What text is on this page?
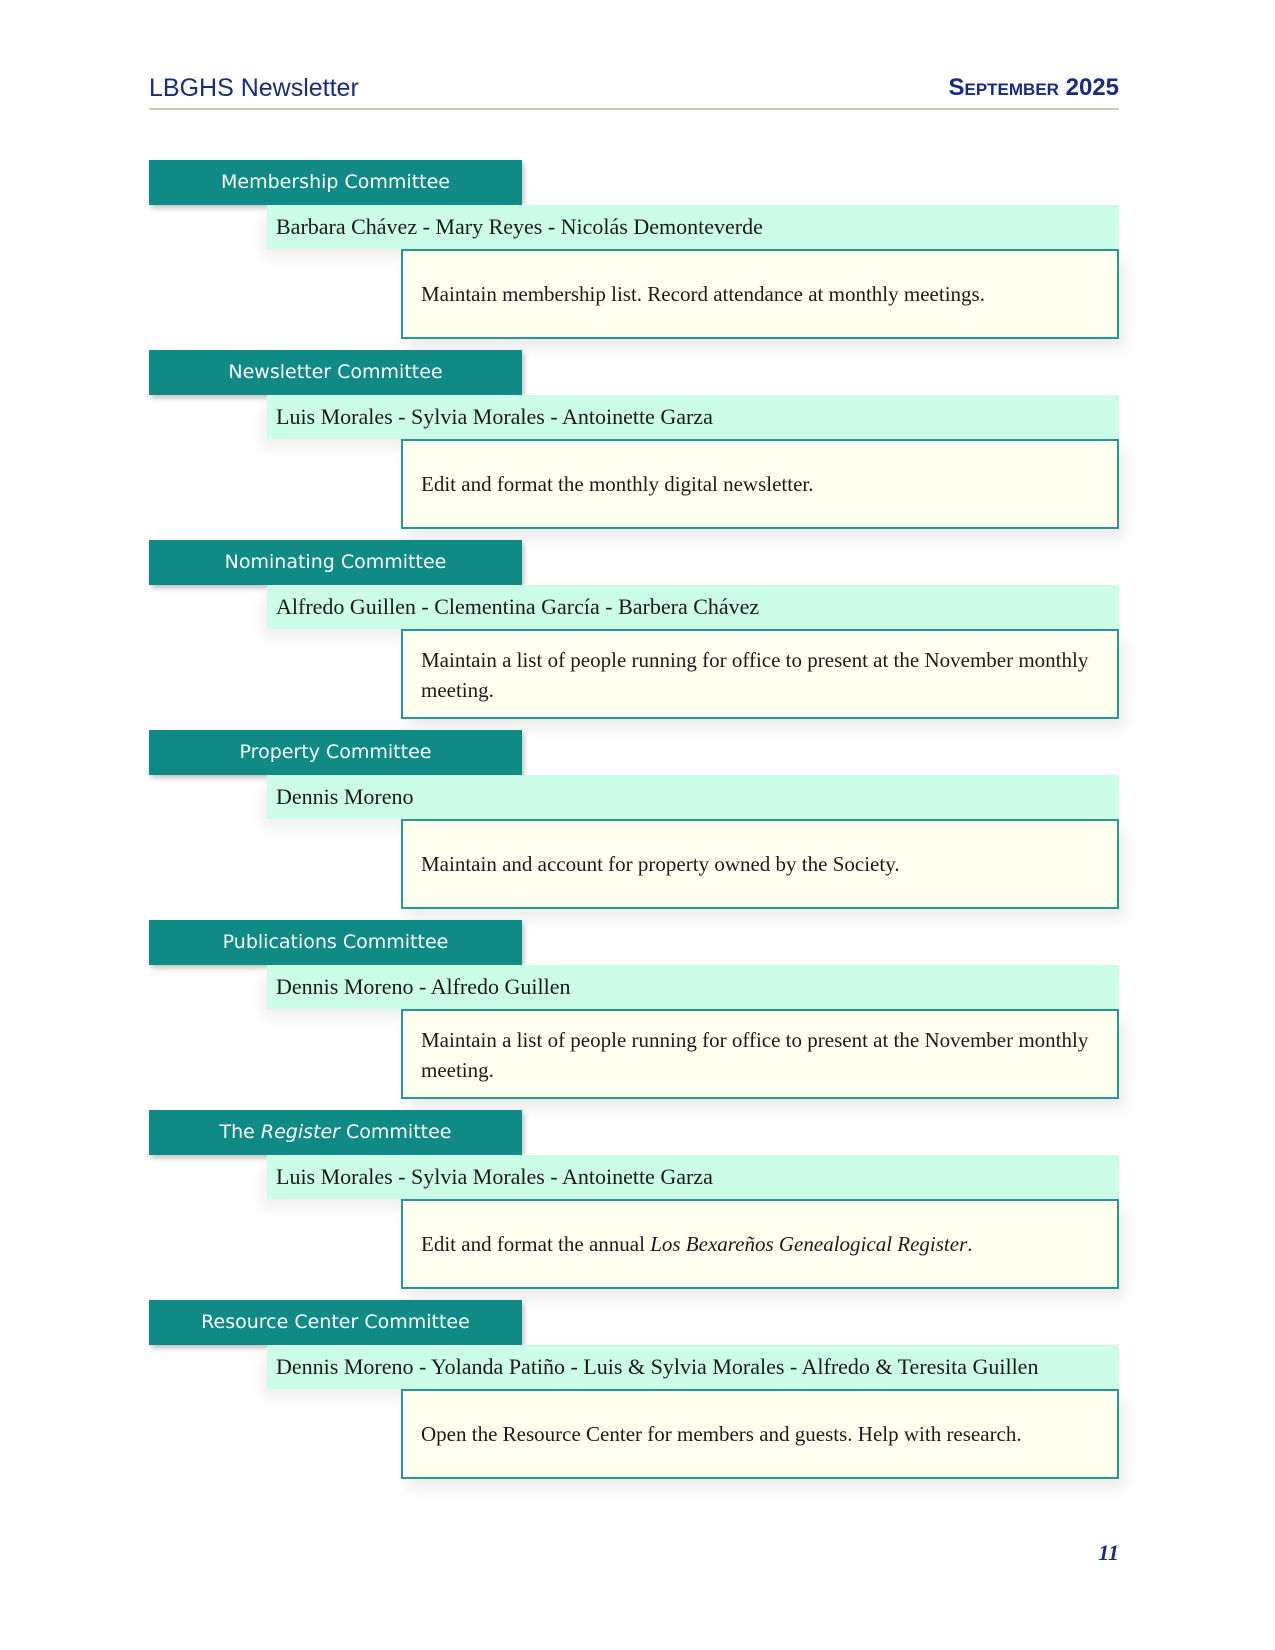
LBGHS Newsletter	September 2025
Membership Committee
Barbara Chávez - Mary Reyes - Nicolás Demonteverde
Maintain membership list. Record attendance at monthly meetings.
Newsletter Committee
Luis Morales - Sylvia Morales - Antoinette Garza
Edit and format the monthly digital newsletter.
Nominating Committee
Alfredo Guillen - Clementina García - Barbera Chávez
Maintain a list of people running for office to present at the November monthly meeting.
Property Committee
Dennis Moreno
Maintain and account for property owned by the Society.
Publications Committee
Dennis Moreno - Alfredo Guillen
Maintain a list of people running for office to present at the November monthly meeting.
The Register Committee
Luis Morales - Sylvia Morales - Antoinette Garza
Edit and format the annual Los Bexareños Genealogical Register.
Resource Center Committee
Dennis Moreno - Yolanda Patiño - Luis & Sylvia Morales - Alfredo & Teresita Guillen
Open the Resource Center for members and guests. Help with research.
11
